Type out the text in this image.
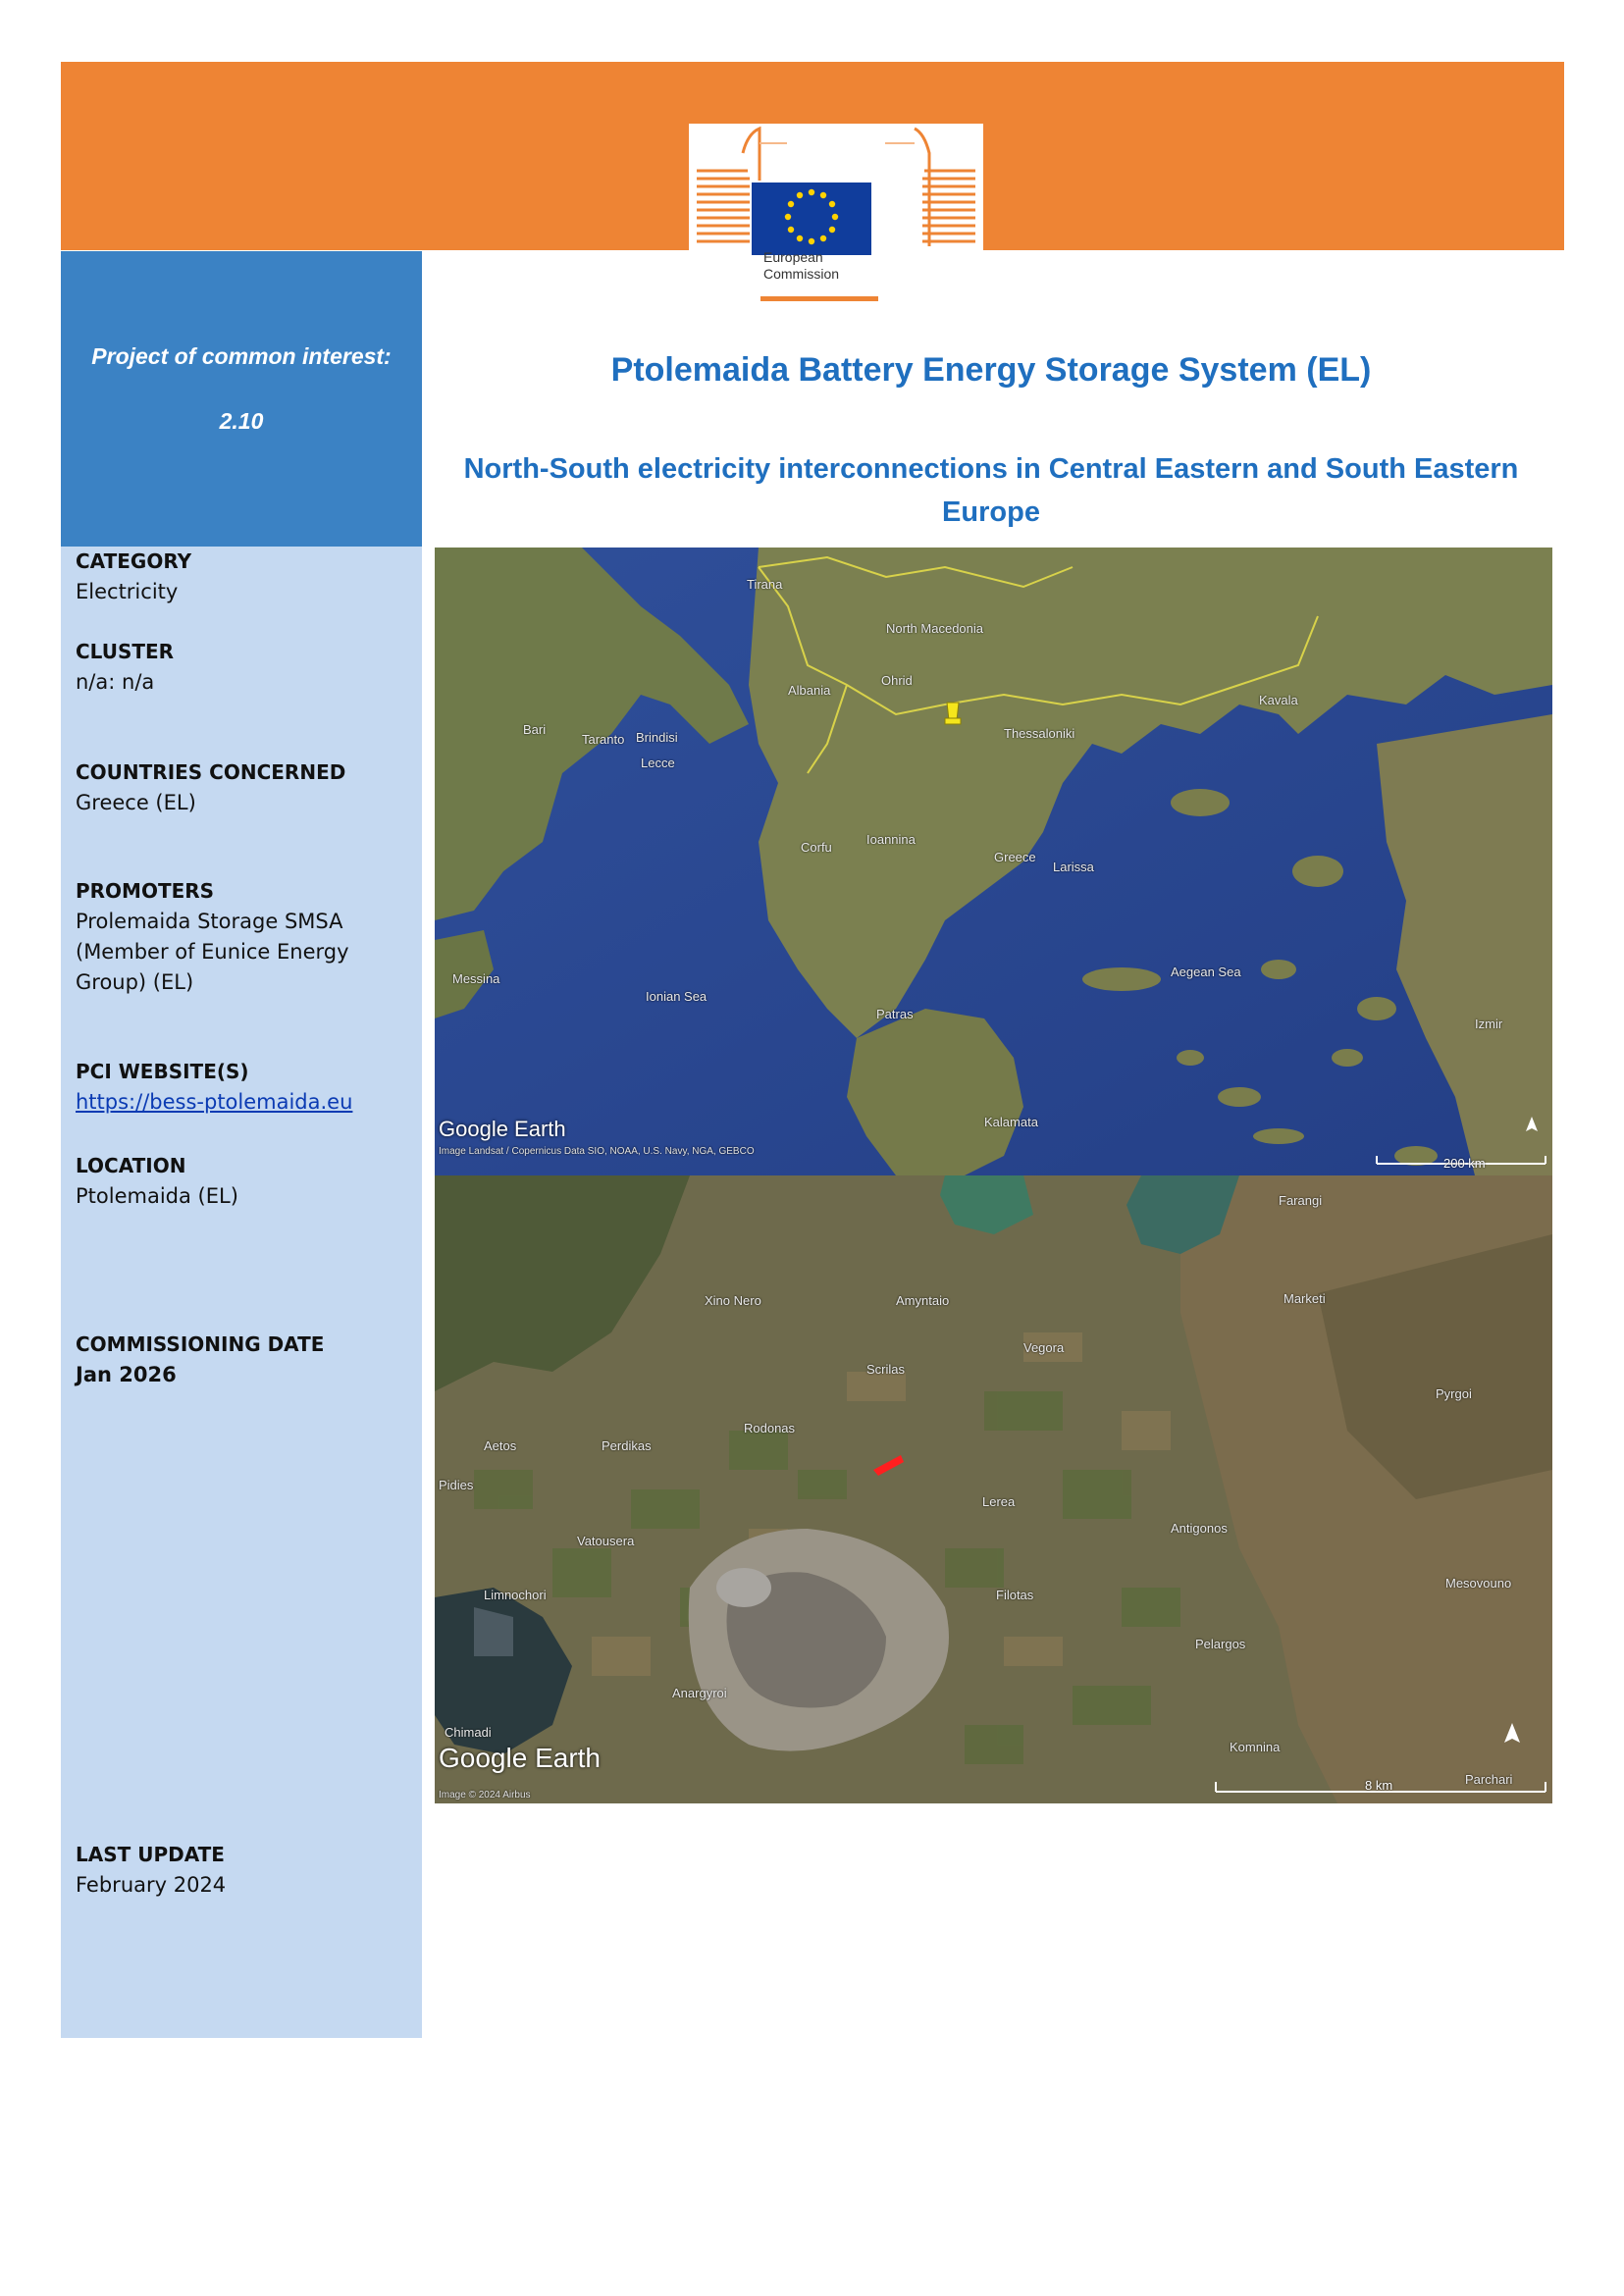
European
Commission
Project of common interest:
2.10
CATEGORY
Electricity
CLUSTER
n/a: n/a
COUNTRIES CONCERNED
Greece (EL)
PROMOTERS
Prolemaida Storage SMSA (Member of Eunice Energy Group) (EL)
PCI WEBSITE(S)
https://bess-ptolemaida.eu
LOCATION
Ptolemaida (EL)
COMMISSIONING DATE
Jan 2026
LAST UPDATE
February 2024
Ptolemaida Battery Energy Storage System (EL)
North-South electricity interconnections in Central Eastern and South Eastern Europe
Tirana
North Macedonia
Albania
Ohrid
Thessaloniki
Greece
Taranto
Bari
Lecce
Brindisi
Messina
Ionian Sea
Aegean Sea
Patras
Kalamata
Larissa
Ioannina
Corfu
Kavala
Izmir
Google Earth
Image Landsat / Copernicus Data SIO, NOAA, U.S. Navy, NGA, GEBCO
200 km
Xino Nero	Amyntaio
Scrilas
Vegora
Farangi
Marketi
Pyrgoi
Filotas
Aetos	Perdikas
Rodonas
Lerea
Antigonos
Vatousera
Limnochori
Pelargos
Mesovouno
Anargyroi
Chimadi
Komnina
Parchari
Pidies
Google Earth
Image © 2024 Airbus
8 km
